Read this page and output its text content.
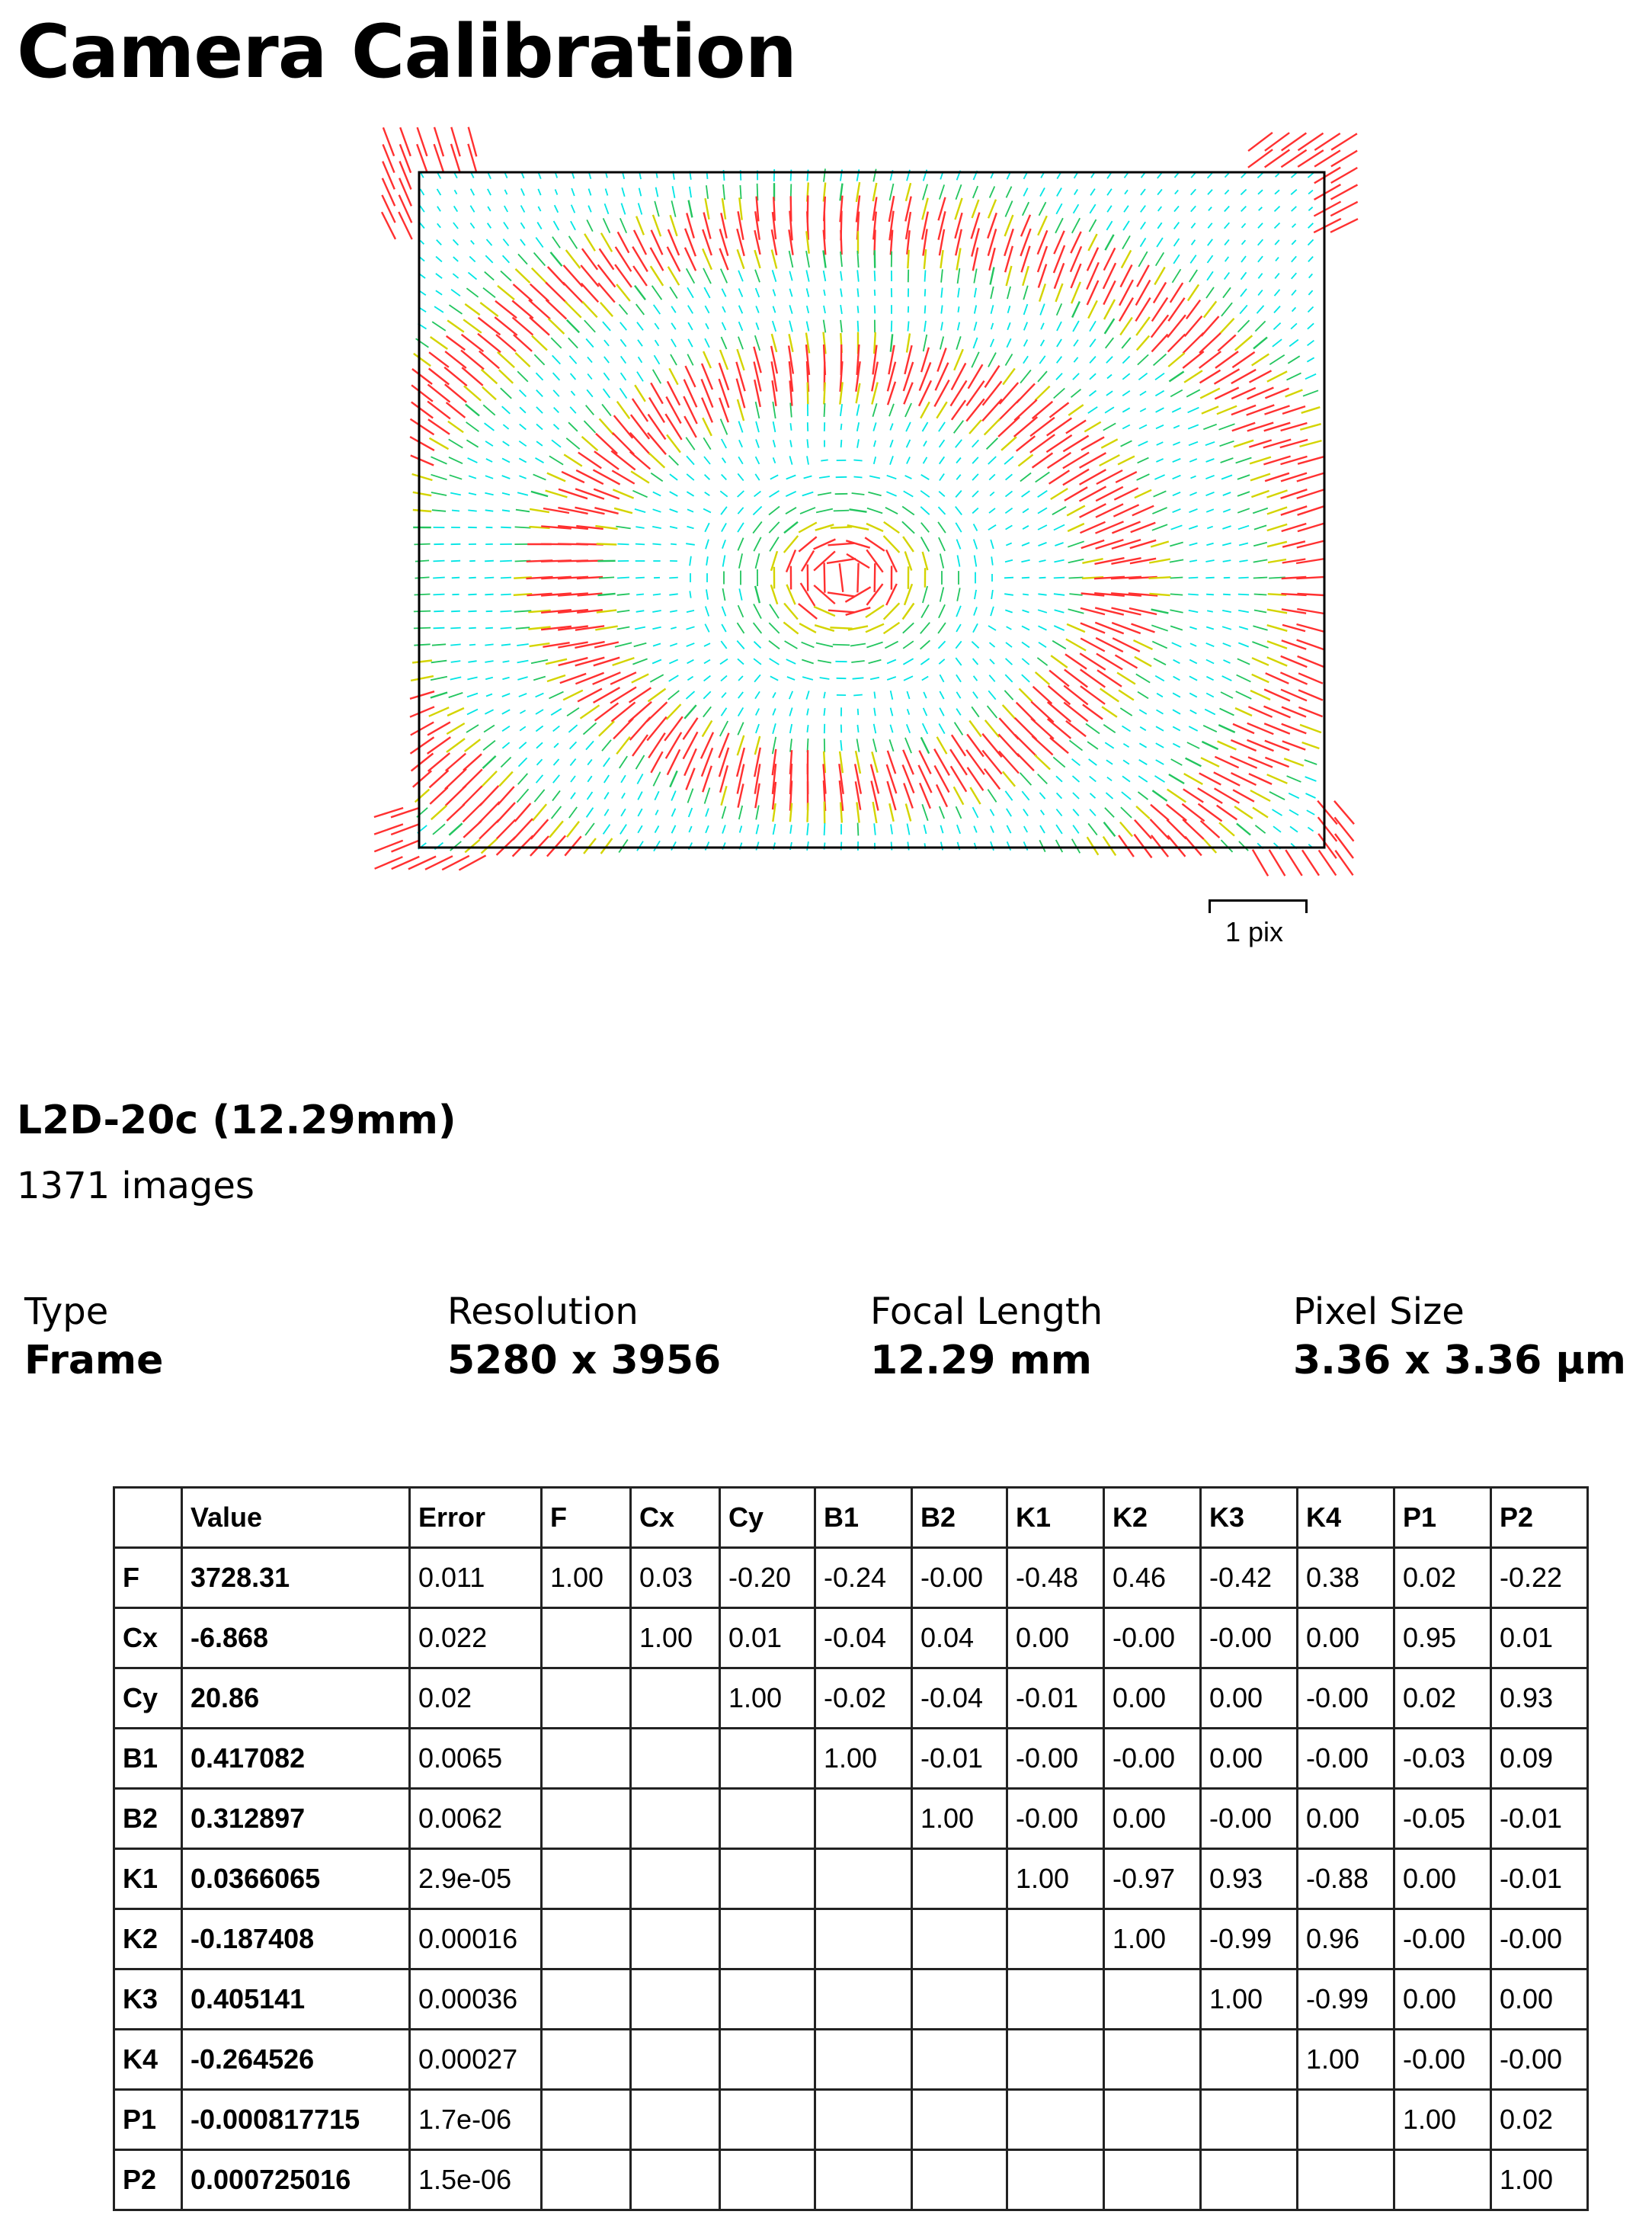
Camera Calibration
1 pix
L2D-20c (12.29mm)
1371 images
Type
Frame
Resolution
5280 x 3956
Focal Length
12.29 mm
Pixel Size
3.36 x 3.36 μm
	Value	Error	F	Cx	Cy	B1	B2	K1	K2	K3	K4	P1	P2
F	3728.31	0.011	1.00	0.03	-0.20	-0.24	-0.00	-0.48	0.46	-0.42	0.38	0.02	-0.22
Cx	-6.868	0.022		1.00	0.01	-0.04	0.04	0.00	-0.00	-0.00	0.00	0.95	0.01
Cy	20.86	0.02			1.00	-0.02	-0.04	-0.01	0.00	0.00	-0.00	0.02	0.93
B1	0.417082	0.0065				1.00	-0.01	-0.00	-0.00	0.00	-0.00	-0.03	0.09
B2	0.312897	0.0062					1.00	-0.00	0.00	-0.00	0.00	-0.05	-0.01
K1	0.0366065	2.9e-05						1.00	-0.97	0.93	-0.88	0.00	-0.01
K2	-0.187408	0.00016							1.00	-0.99	0.96	-0.00	-0.00
K3	0.405141	0.00036								1.00	-0.99	0.00	0.00
K4	-0.264526	0.00027									1.00	-0.00	-0.00
P1	-0.000817715	1.7e-06										1.00	0.02
P2	0.000725016	1.5e-06											1.00
